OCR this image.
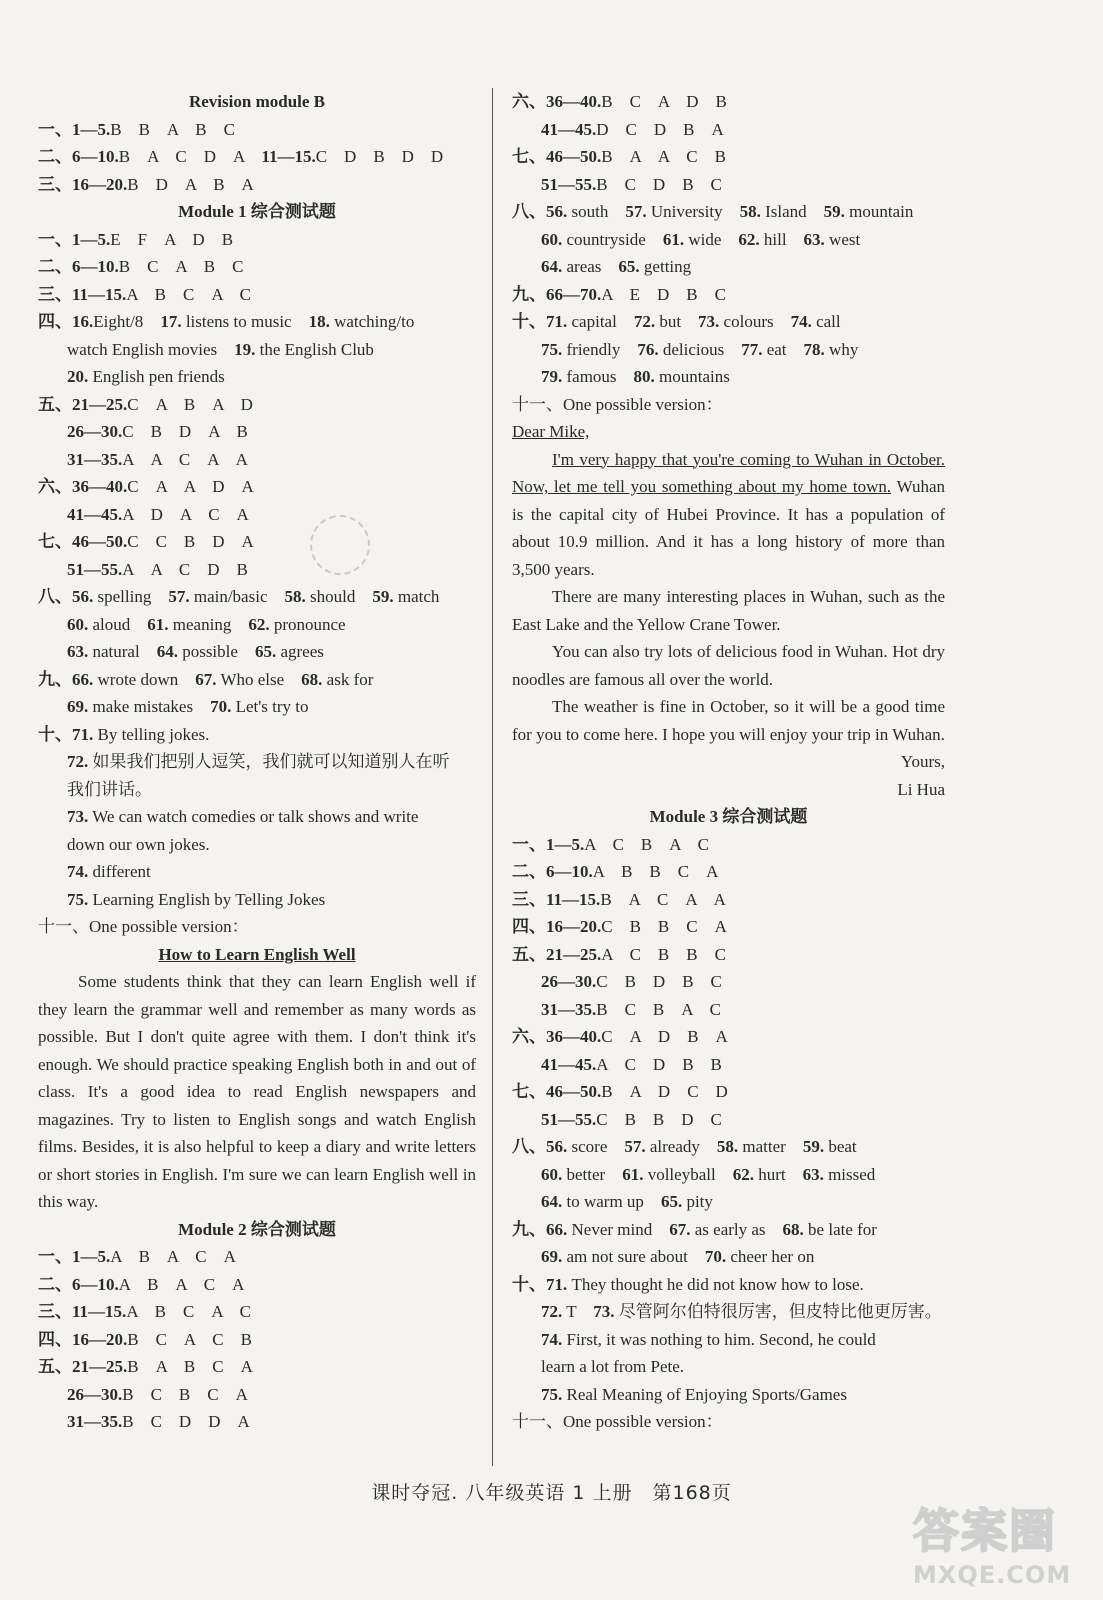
Revision module B
一、1—5.B　B　A　B　C
二、6—10.B　A　C　D　A　 11—15.C　D　B　D　D
三、16—20.B　D　A　B　A
Module 1 综合测试题
一、1—5.E　F　A　D　B
二、6—10.B　C　A　B　C
三、11—15.A　B　C　A　C
四、16.Eight/8　17. listens to music　18. watching/to
watch English movies　19. the English Club
20. English pen friends
五、21—25.C　A　B　A　D
26—30.C　B　D　A　B
31—35.A　A　C　A　A
六、36—40.C　A　A　D　A
41—45.A　D　A　C　A
七、46—50.C　C　B　D　A
51—55.A　A　C　D　B
八、56. spelling　57. main/basic　58. should　59. match
60. aloud　61. meaning　62. pronounce
63. natural　64. possible　65. agrees
九、66. wrote down　67. Who else　68. ask for
69. make mistakes　70. Let's try to
十、71. By telling jokes.
72. 如果我们把别人逗笑，我们就可以知道别人在听
我们讲话。
73. We can watch comedies or talk shows and write
down our own jokes.
74. different
75. Learning English by Telling Jokes
十一、One possible version：
How to Learn English Well

Some students think that they can learn English well if they learn the grammar well and remember as many words as possible. But I don't quite agree with them. I don't think it's enough. We should practice speaking English both in and out of class. It's a good idea to read English newspapers and magazines. Try to listen to English songs and watch English films. Besides, it is also helpful to keep a diary and write letters or short stories in English. I'm sure we can learn English well in this way.

Module 2 综合测试题
一、1—5.A　B　A　C　A
二、6—10.A　B　A　C　A
三、11—15.A　B　C　A　C
四、16—20.B　C　A　C　B
五、21—25.B　A　B　C　A
26—30.B　C　B　C　A
31—35.B　C　D　D　A
六、36—40.B　C　A　D　B
41—45.D　C　D　B　A
七、46—50.B　A　A　C　B
51—55.B　C　D　B　C
八、56. south　57. University　58. Island　59. mountain
60. countryside　61. wide　62. hill　63. west
64. areas　65. getting
九、66—70.A　E　D　B　C
十、71. capital　72. but　73. colours　74. call
75. friendly　76. delicious　77. eat　78. why
79. famous　80. mountains
十一、One possible version：
Dear Mike,

I'm very happy that you're coming to Wuhan in October. Now, let me tell you something about my home town. Wuhan is the capital city of Hubei Province. It has a population of about 10.9 million. And it has a long history of more than 3,500 years.

There are many interesting places in Wuhan, such as the East Lake and the Yellow Crane Tower.

You can also try lots of delicious food in Wuhan. Hot dry noodles are famous all over the world.

The weather is fine in October, so it will be a good time for you to come here. I hope you will enjoy your trip in Wuhan.

Yours,
Li Hua
Module 3 综合测试题
一、1—5.A　C　B　A　C
二、6—10.A　B　B　C　A
三、11—15.B　A　C　A　A
四、16—20.C　B　B　C　A
五、21—25.A　C　B　B　C
26—30.C　B　D　B　C
31—35.B　C　B　A　C
六、36—40.C　A　D　B　A
41—45.A　C　D　B　B
七、46—50.B　A　D　C　D
51—55.C　B　B　D　C
八、56. score　57. already　58. matter　59. beat
60. better　61. volleyball　62. hurt　63. missed
64. to warm up　65. pity
九、66. Never mind　67. as early as　68. be late for
69. am not sure about　70. cheer her on
十、71. They thought he did not know how to lose.
72. T　73. 尽管阿尔伯特很厉害，但皮特比他更厉害。
74. First, it was nothing to him. Second, he could
learn a lot from Pete.
75. Real Meaning of Enjoying Sports/Games
十一、One possible version：
课时夺冠. 八年级英语 1 上册　第168页
答案圈
MXQE.COM
